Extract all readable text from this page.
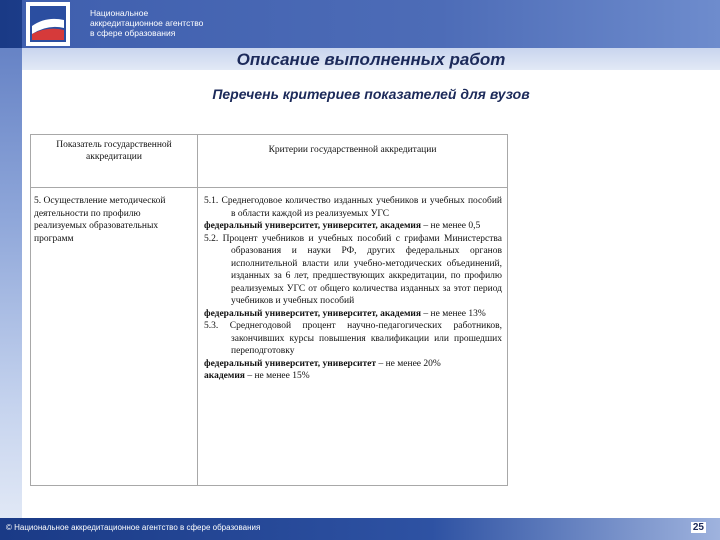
Национальное
аккредитационное агентство
в сфере образования
Описание выполненных работ
Перечень критериев показателей для вузов
Показатель государственной аккредитации
Критерии государственной аккредитации
5. Осуществление методической деятельности по профилю реализуемых образовательных программ
5.1. Среднегодовое количество изданных учебников и учебных пособий в области каждой из реализуемых УГС
федеральный университет, университет, академия – не менее 0,5
5.2. Процент учебников и учебных пособий с грифами Министерства образования и науки РФ, других федеральных органов исполнительной власти или учебно-методических объединений, изданных за 6 лет, предшествующих аккредитации, по профилю реализуемых УГС от общего количества изданных за этот период учебников и учебных пособий
федеральный университет, университет, академия – не менее 13%
5.3. Среднегодовой процент научно-педагогических работников, закончивших курсы повышения квалификации или прошедших переподготовку
федеральный университет, университет – не менее 20%
академия – не менее 15%
© Национальное аккредитационное агентство в сфере образования	25
